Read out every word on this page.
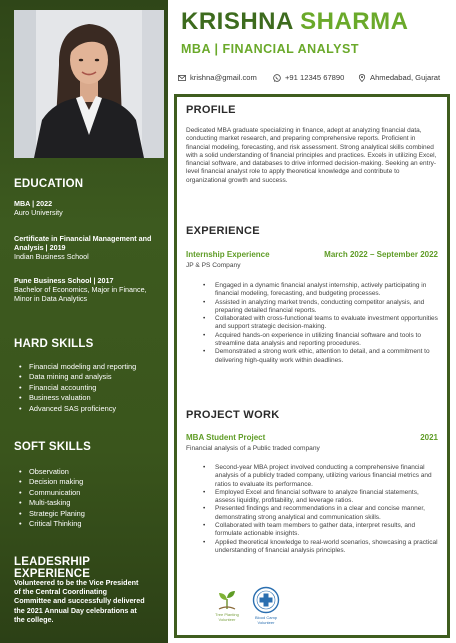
EDUCATION
MBA | 2022
Auro University
Certificate in Financial Management and Analysis | 2019
Indian Business School
Pune Business School | 2017
Bachelor of Economics, Major in Finance, Minor in Data Analytics
HARD SKILLS
• Financial modeling and reporting
• Data mining and analysis
• Financial accounting
• Business valuation
• Advanced SAS proficiency
SOFT SKILLS
• Observation
• Decision making
• Communication
• Multi-tasking
• Strategic Planing
• Critical Thinking
LEADESRHIP EXPERIENCE
Volunteered to be the Vice President of the Central Coordinating Committee and successfully delivered the 2021 Annual Day celebrations at the college.
KRISHNA SHARMA
MBA | FINANCIAL ANALYST
krishna@gmail.com	+91 12345 67890	Ahmedabad, Gujarat
PROFILE
Dedicated MBA graduate specializing in finance, adept at analyzing financial data, conducting market research, and preparing comprehensive reports. Proficient in financial modeling, forecasting, and risk assessment. Strong analytical skills combined with a solid understanding of financial principles and practices. Excels in utilizing Excel, financial software, and databases to drive informed decision-making. Seeking an entry-level financial analyst role to apply theoretical knowledge and contribute to organizational growth and success.
EXPERIENCE
Internship Experience	March 2022 – September 2022
JP & PS Company
• Engaged in a dynamic financial analyst internship, actively participating in financial modeling, forecasting, and budgeting processes.
• Assisted in analyzing market trends, conducting competitor analysis, and preparing detailed financial reports.
• Collaborated with cross-functional teams to evaluate investment opportunities and support strategic decision-making.
• Acquired hands-on experience in utilizing financial software and tools to streamline data analysis and reporting procedures.
• Demonstrated a strong work ethic, attention to detail, and a commitment to delivering high-quality work within deadlines.
PROJECT WORK
MBA Student Project	2021
Financial analysis of a Public traded company
• Second-year MBA project involved conducting a comprehensive financial analysis of a publicly traded company, utilizing various financial metrics and ratios to evaluate its performance.
• Employed Excel and financial software to analyze financial statements, assess liquidity, profitability, and leverage ratios.
• Presented findings and recommendations in a clear and concise manner, demonstrating strong analytical and communication skills.
• Collaborated with team members to gather data, interpret results, and formulate actionable insights.
• Applied theoretical knowledge to real-world scenarios, showcasing a practical understanding of financial analysis principles.
Tree Planting Volunteer	Blood Camp Volunteer
